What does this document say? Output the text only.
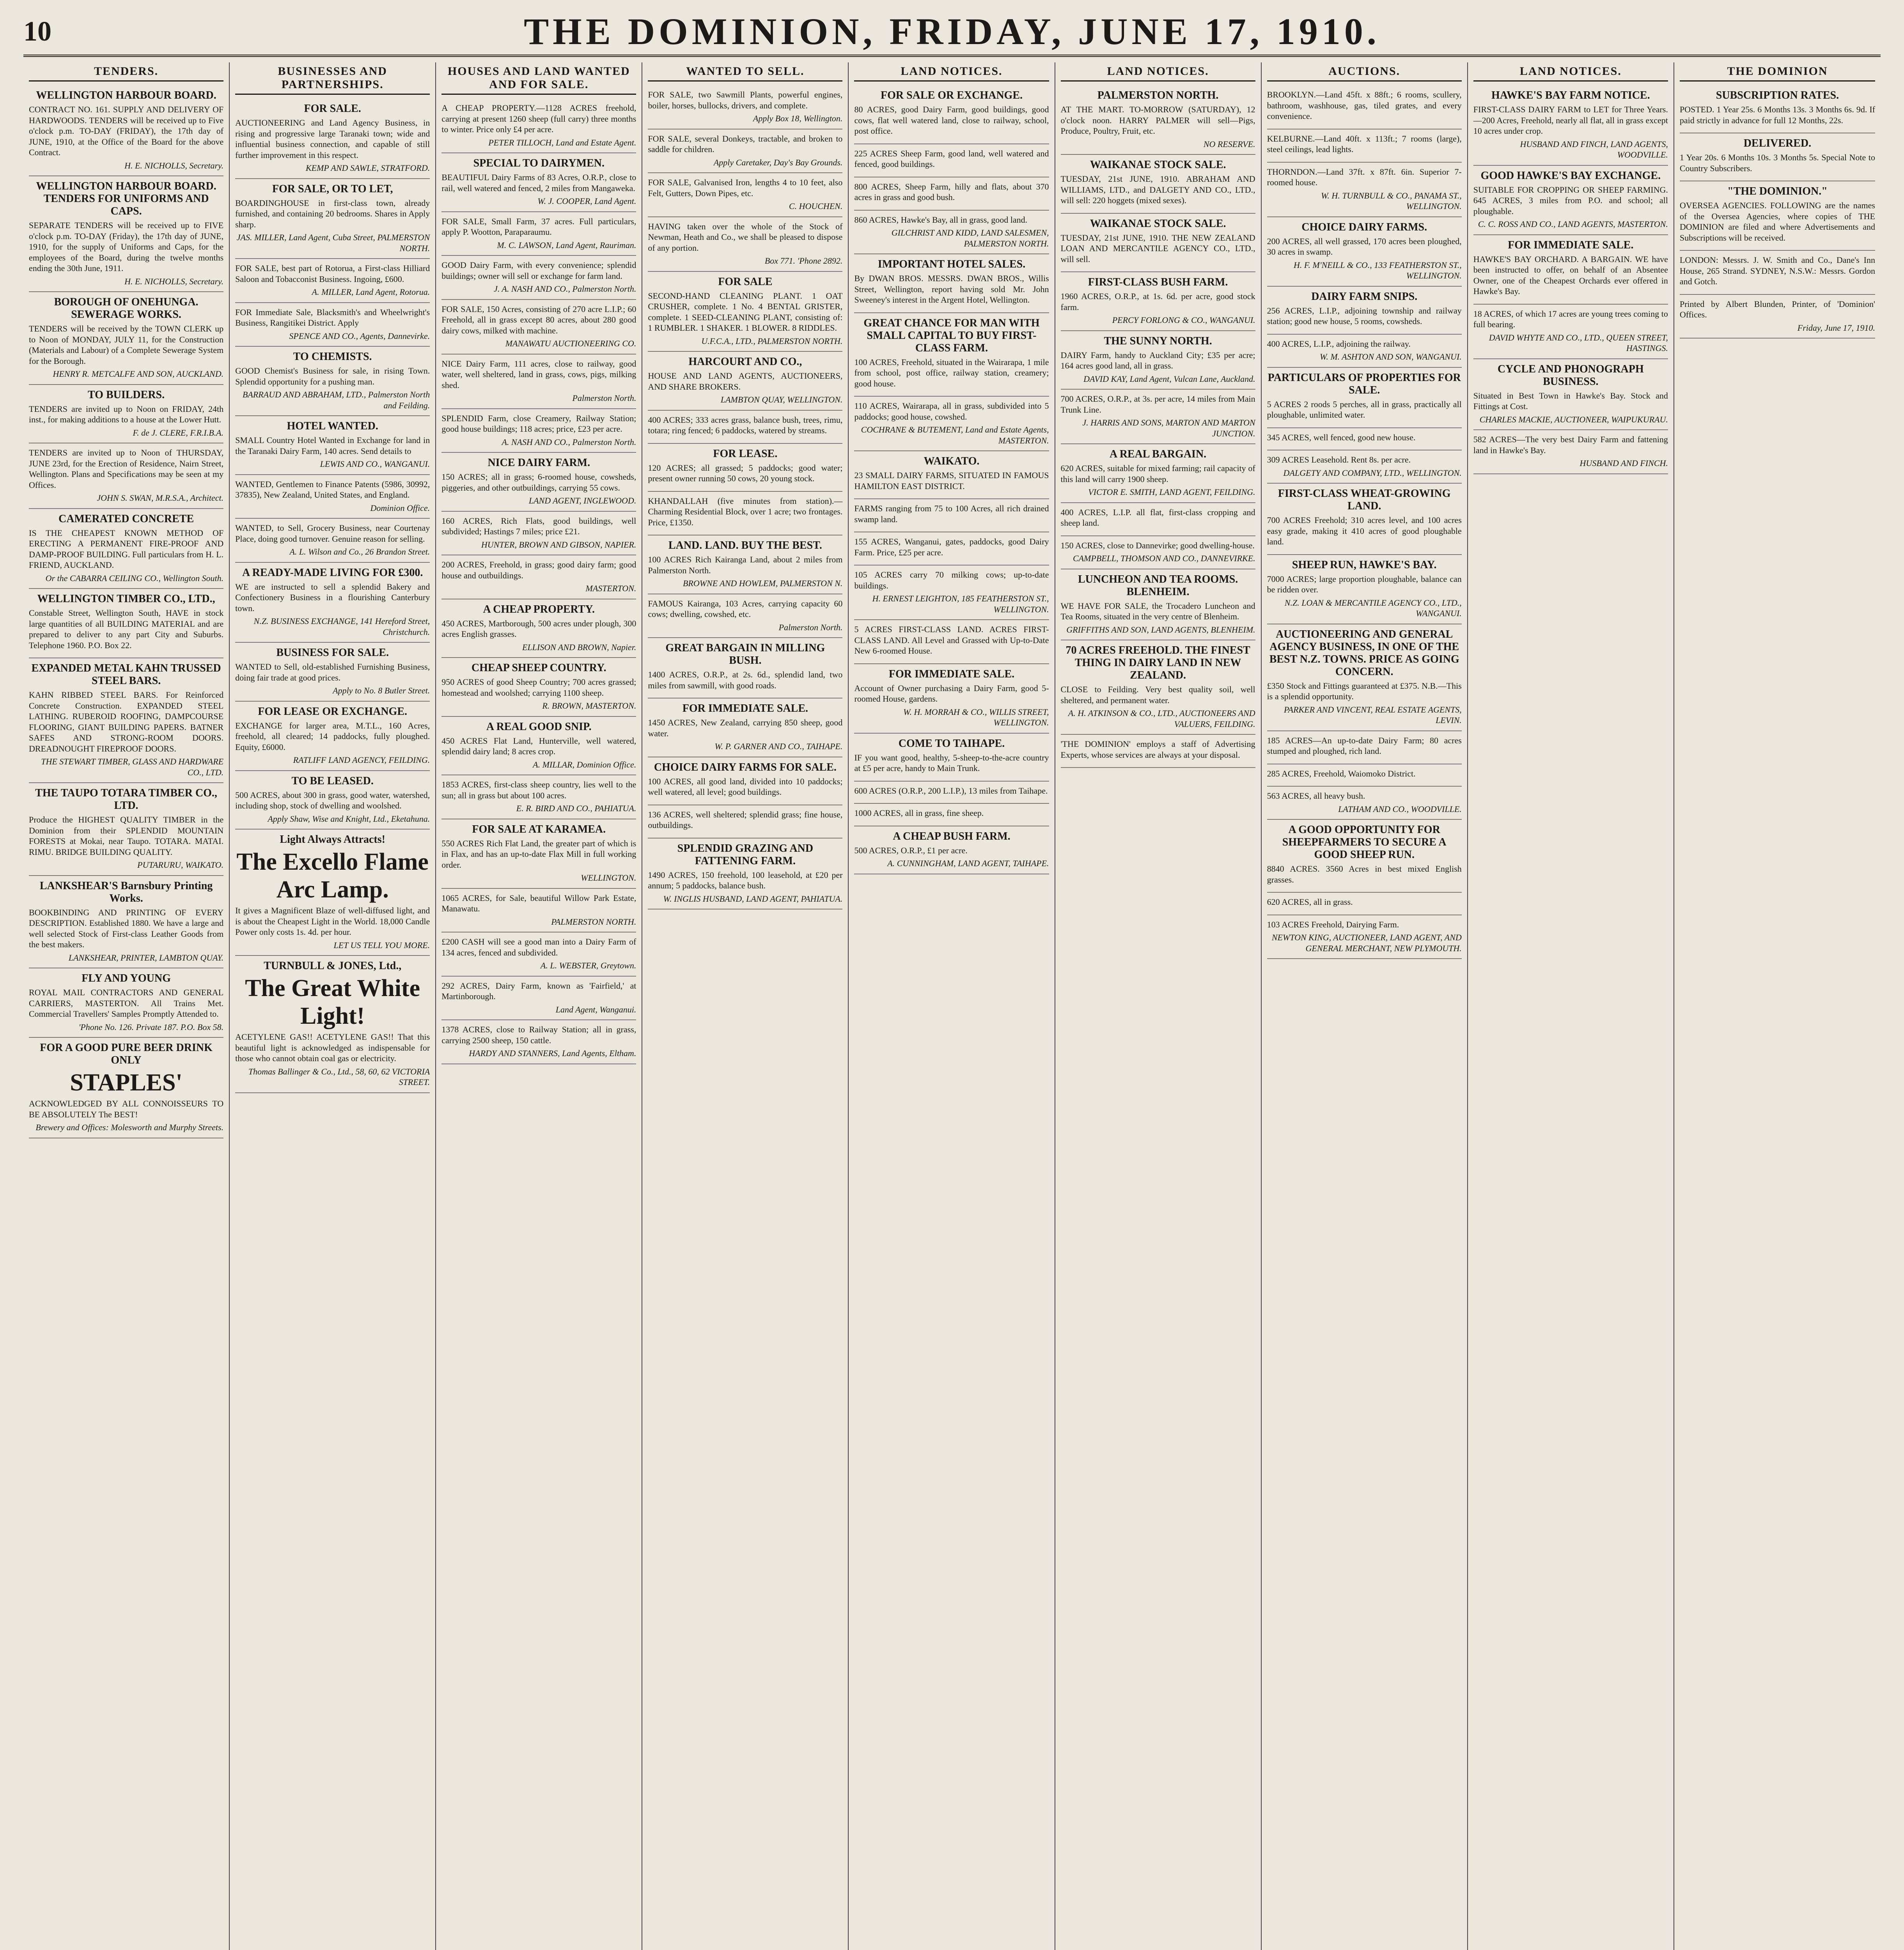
10	THE DOMINION, FRIDAY, JUNE 17, 1910.
TENDERS.
WELLINGTON HARBOUR BOARD.

CONTRACT NO. 161. SUPPLY AND DELIVERY OF HARDWOODS. TENDERS will be received up to Five o'clock p.m. TO-DAY (FRIDAY), the 17th day of JUNE, 1910, at the Office of the Board for the above Contract.

H. E. NICHOLLS, Secretary.

WELLINGTON HARBOUR BOARD. TENDERS FOR UNIFORMS AND CAPS.

SEPARATE TENDERS will be received up to FIVE o'clock p.m. TO-DAY (Friday), the 17th day of JUNE, 1910, for the supply of Uniforms and Caps, for the employees of the Board, during the twelve months ending the 30th June, 1911.

H. E. NICHOLLS, Secretary.

BOROUGH OF ONEHUNGA. SEWERAGE WORKS.

TENDERS will be received by the TOWN CLERK up to Noon of MONDAY, JULY 11, for the Construction (Materials and Labour) of a Complete Sewerage System for the Borough.

HENRY R. METCALFE AND SON, AUCKLAND.

TO BUILDERS.

TENDERS are invited up to Noon on FRIDAY, 24th inst., for making additions to a house at the Lower Hutt.

F. de J. CLERE, F.R.I.B.A.

TENDERS are invited up to Noon of THURSDAY, JUNE 23rd, for the Erection of Residence, Nairn Street, Wellington. Plans and Specifications may be seen at my Offices.

JOHN S. SWAN, M.R.S.A., Architect.

CAMERATED CONCRETE

IS THE CHEAPEST KNOWN METHOD OF ERECTING A PERMANENT FIRE-PROOF AND DAMP-PROOF BUILDING. Full particulars from H. L. FRIEND, AUCKLAND.

Or the CABARRA CEILING CO., Wellington South.

WELLINGTON TIMBER CO., LTD.,

Constable Street, Wellington South, HAVE in stock large quantities of all BUILDING MATERIAL and are prepared to deliver to any part City and Suburbs. Telephone 1960. P.O. Box 22.

EXPANDED METAL KAHN TRUSSED STEEL BARS.

KAHN RIBBED STEEL BARS. For Reinforced Concrete Construction. EXPANDED STEEL LATHING. RUBEROID ROOFING, DAMPCOURSE FLOORING, GIANT BUILDING PAPERS. BATNER SAFES AND STRONG-ROOM DOORS. DREADNOUGHT FIREPROOF DOORS.

THE STEWART TIMBER, GLASS AND HARDWARE CO., LTD.

THE TAUPO TOTARA TIMBER CO., LTD.

Produce the HIGHEST QUALITY TIMBER in the Dominion from their SPLENDID MOUNTAIN FORESTS at Mokai, near Taupo. TOTARA. MATAI. RIMU. BRIDGE BUILDING QUALITY.

PUTARURU, WAIKATO.

LANKSHEAR'S Barnsbury Printing Works.

BOOKBINDING AND PRINTING OF EVERY DESCRIPTION. Established 1880. We have a large and well selected Stock of First-class Leather Goods from the best makers.

LANKSHEAR, PRINTER, LAMBTON QUAY.

FLY AND YOUNG

ROYAL MAIL CONTRACTORS AND GENERAL CARRIERS, MASTERTON. All Trains Met. Commercial Travellers' Samples Promptly Attended to.

'Phone No. 126. Private 187. P.O. Box 58.

FOR A GOOD PURE BEER DRINK ONLY
STAPLES'

ACKNOWLEDGED BY ALL CONNOISSEURS TO BE ABSOLUTELY The BEST!

Brewery and Offices: Molesworth and Murphy Streets.

BUSINESSES AND PARTNERSHIPS.
FOR SALE.

AUCTIONEERING and Land Agency Business, in rising and progressive large Taranaki town; wide and influential business connection, and capable of still further improvement in this respect.

KEMP AND SAWLE, STRATFORD.

FOR SALE, OR TO LET,

BOARDINGHOUSE in first-class town, already furnished, and containing 20 bedrooms. Shares in Apply sharp.

JAS. MILLER, Land Agent, Cuba Street, PALMERSTON NORTH.

FOR SALE, best part of Rotorua, a First-class Hilliard Saloon and Tobacconist Business. Ingoing, £600.

A. MILLER, Land Agent, Rotorua.

FOR Immediate Sale, Blacksmith's and Wheelwright's Business, Rangitikei District. Apply

SPENCE AND CO., Agents, Dannevirke.

TO CHEMISTS.

GOOD Chemist's Business for sale, in rising Town. Splendid opportunity for a pushing man.

BARRAUD AND ABRAHAM, LTD., Palmerston North and Feilding.

HOTEL WANTED.

SMALL Country Hotel Wanted in Exchange for land in the Taranaki Dairy Farm, 140 acres. Send details to

LEWIS AND CO., WANGANUI.

WANTED, Gentlemen to Finance Patents (5986, 30992, 37835), New Zealand, United States, and England.

Dominion Office.

WANTED, to Sell, Grocery Business, near Courtenay Place, doing good turnover. Genuine reason for selling.

A. L. Wilson and Co., 26 Brandon Street.

A READY-MADE LIVING FOR £300.

WE are instructed to sell a splendid Bakery and Confectionery Business in a flourishing Canterbury town.

N.Z. BUSINESS EXCHANGE, 141 Hereford Street, Christchurch.

BUSINESS FOR SALE.

WANTED to Sell, old-established Furnishing Business, doing fair trade at good prices.

Apply to No. 8 Butler Street.

FOR LEASE OR EXCHANGE.

EXCHANGE for larger area, M.T.L., 160 Acres, freehold, all cleared; 14 paddocks, fully ploughed. Equity, £6000.

RATLIFF LAND AGENCY, FEILDING.

TO BE LEASED.

500 ACRES, about 300 in grass, good water, watershed, including shop, stock of dwelling and woolshed.

Apply Shaw, Wise and Knight, Ltd., Eketahuna.

Light Always Attracts!
The Excello Flame Arc Lamp.

It gives a Magnificent Blaze of well-diffused light, and is about the Cheapest Light in the World. 18,000 Candle Power only costs 1s. 4d. per hour.

LET US TELL YOU MORE.

TURNBULL & JONES, Ltd.,
The Great White Light!

ACETYLENE GAS!! ACETYLENE GAS!! That this beautiful light is acknowledged as indispensable for those who cannot obtain coal gas or electricity.

Thomas Ballinger & Co., Ltd., 58, 60, 62 VICTORIA STREET.

HOUSES AND LAND WANTED AND FOR SALE.

A CHEAP PROPERTY.—1128 ACRES freehold, carrying at present 1260 sheep (full carry) three months to winter. Price only £4 per acre.

PETER TILLOCH, Land and Estate Agent.

SPECIAL TO DAIRYMEN.

BEAUTIFUL Dairy Farms of 83 Acres, O.R.P., close to rail, well watered and fenced, 2 miles from Mangaweka.

W. J. COOPER, Land Agent.

FOR SALE, Small Farm, 37 acres. Full particulars, apply P. Wootton, Paraparaumu.

M. C. LAWSON, Land Agent, Rauriman.

GOOD Dairy Farm, with every convenience; splendid buildings; owner will sell or exchange for farm land.

J. A. NASH AND CO., Palmerston North.

FOR SALE, 150 Acres, consisting of 270 acre L.I.P.; 60 Freehold, all in grass except 80 acres, about 280 good dairy cows, milked with machine.

MANAWATU AUCTIONEERING CO.

NICE Dairy Farm, 111 acres, close to railway, good water, well sheltered, land in grass, cows, pigs, milking shed.

Palmerston North.

SPLENDID Farm, close Creamery, Railway Station; good house buildings; 118 acres; price, £23 per acre.

A. NASH AND CO., Palmerston North.

NICE DAIRY FARM.

150 ACRES; all in grass; 6-roomed house, cowsheds, piggeries, and other outbuildings, carrying 55 cows.

LAND AGENT, INGLEWOOD.

160 ACRES, Rich Flats, good buildings, well subdivided; Hastings 7 miles; price £21.

HUNTER, BROWN AND GIBSON, NAPIER.

200 ACRES, Freehold, in grass; good dairy farm; good house and outbuildings.

MASTERTON.

A CHEAP PROPERTY.

450 ACRES, Martborough, 500 acres under plough, 300 acres English grasses.

ELLISON AND BROWN, Napier.

CHEAP SHEEP COUNTRY.

950 ACRES of good Sheep Country; 700 acres grassed; homestead and woolshed; carrying 1100 sheep.

R. BROWN, MASTERTON.

A REAL GOOD SNIP.

450 ACRES Flat Land, Hunterville, well watered, splendid dairy land; 8 acres crop.

A. MILLAR, Dominion Office.

1853 ACRES, first-class sheep country, lies well to the sun; all in grass but about 100 acres.

E. R. BIRD AND CO., PAHIATUA.

FOR SALE AT KARAMEA.

550 ACRES Rich Flat Land, the greater part of which is in Flax, and has an up-to-date Flax Mill in full working order.

WELLINGTON.

1065 ACRES, for Sale, beautiful Willow Park Estate, Manawatu.

PALMERSTON NORTH.

£200 CASH will see a good man into a Dairy Farm of 134 acres, fenced and subdivided.

A. L. WEBSTER, Greytown.

292 ACRES, Dairy Farm, known as 'Fairfield,' at Martinborough.

Land Agent, Wanganui.

1378 ACRES, close to Railway Station; all in grass, carrying 2500 sheep, 150 cattle.

HARDY AND STANNERS, Land Agents, Eltham.

WANTED TO SELL.

FOR SALE, two Sawmill Plants, powerful engines, boiler, horses, bullocks, drivers, and complete.

Apply Box 18, Wellington.

FOR SALE, several Donkeys, tractable, and broken to saddle for children.

Apply Caretaker, Day's Bay Grounds.

FOR SALE, Galvanised Iron, lengths 4 to 10 feet, also Felt, Gutters, Down Pipes, etc.

C. HOUCHEN.

HAVING taken over the whole of the Stock of Newman, Heath and Co., we shall be pleased to dispose of any portion.

Box 771. 'Phone 2892.

FOR SALE

SECOND-HAND CLEANING PLANT. 1 OAT CRUSHER, complete. 1 No. 4 BENTAL GRISTER, complete. 1 SEED-CLEANING PLANT, consisting of: 1 RUMBLER. 1 SHAKER. 1 BLOWER. 8 RIDDLES.

U.F.C.A., LTD., PALMERSTON NORTH.

HARCOURT AND CO.,

HOUSE AND LAND AGENTS, AUCTIONEERS, AND SHARE BROKERS.

LAMBTON QUAY, WELLINGTON.

400 ACRES; 333 acres grass, balance bush, trees, rimu, totara; ring fenced; 6 paddocks, watered by streams.

FOR LEASE.

120 ACRES; all grassed; 5 paddocks; good water; present owner running 50 cows, 20 young stock.

KHANDALLAH (five minutes from station).—Charming Residential Block, over 1 acre; two frontages. Price, £1350.

LAND. LAND. BUY THE BEST.

100 ACRES Rich Kairanga Land, about 2 miles from Palmerston North.

BROWNE AND HOWLEM, PALMERSTON N.

FAMOUS Kairanga, 103 Acres, carrying capacity 60 cows; dwelling, cowshed, etc.

Palmerston North.

GREAT BARGAIN IN MILLING BUSH.

1400 ACRES, O.R.P., at 2s. 6d., splendid land, two miles from sawmill, with good roads.

FOR IMMEDIATE SALE.

1450 ACRES, New Zealand, carrying 850 sheep, good water.

W. P. GARNER AND CO., TAIHAPE.

CHOICE DAIRY FARMS FOR SALE.

100 ACRES, all good land, divided into 10 paddocks; well watered, all level; good buildings.

136 ACRES, well sheltered; splendid grass; fine house, outbuildings.

SPLENDID GRAZING AND FATTENING FARM.

1490 ACRES, 150 freehold, 100 leasehold, at £20 per annum; 5 paddocks, balance bush.

W. INGLIS HUSBAND, LAND AGENT, PAHIATUA.

LAND NOTICES.
FOR SALE OR EXCHANGE.

80 ACRES, good Dairy Farm, good buildings, good cows, flat well watered land, close to railway, school, post office.

225 ACRES Sheep Farm, good land, well watered and fenced, good buildings.

800 ACRES, Sheep Farm, hilly and flats, about 370 acres in grass and good bush.

860 ACRES, Hawke's Bay, all in grass, good land.

GILCHRIST AND KIDD, LAND SALESMEN, PALMERSTON NORTH.

IMPORTANT HOTEL SALES.

By DWAN BROS. MESSRS. DWAN BROS., Willis Street, Wellington, report having sold Mr. John Sweeney's interest in the Argent Hotel, Wellington.

GREAT CHANCE FOR MAN WITH SMALL CAPITAL TO BUY FIRST-CLASS FARM.

100 ACRES, Freehold, situated in the Wairarapa, 1 mile from school, post office, railway station, creamery; good house.

110 ACRES, Wairarapa, all in grass, subdivided into 5 paddocks; good house, cowshed.

COCHRANE & BUTEMENT, Land and Estate Agents, MASTERTON.

WAIKATO.

23 SMALL DAIRY FARMS, SITUATED IN FAMOUS HAMILTON EAST DISTRICT.

FARMS ranging from 75 to 100 Acres, all rich drained swamp land.

155 ACRES, Wanganui, gates, paddocks, good Dairy Farm. Price, £25 per acre.

105 ACRES carry 70 milking cows; up-to-date buildings.

H. ERNEST LEIGHTON, 185 FEATHERSTON ST., WELLINGTON.

5 ACRES FIRST-CLASS LAND. ACRES FIRST-CLASS LAND. All Level and Grassed with Up-to-Date New 6-roomed House.

FOR IMMEDIATE SALE.

Account of Owner purchasing a Dairy Farm, good 5-roomed House, gardens.

W. H. MORRAH & CO., WILLIS STREET, WELLINGTON.

COME TO TAIHAPE.

IF you want good, healthy, 5-sheep-to-the-acre country at £5 per acre, handy to Main Trunk.

600 ACRES (O.R.P., 200 L.I.P.), 13 miles from Taihape.

1000 ACRES, all in grass, fine sheep.

A CHEAP BUSH FARM.

500 ACRES, O.R.P., £1 per acre.

A. CUNNINGHAM, LAND AGENT, TAIHAPE.

LAND NOTICES.
PALMERSTON NORTH.

AT THE MART. TO-MORROW (SATURDAY), 12 o'clock noon. HARRY PALMER will sell—Pigs, Produce, Poultry, Fruit, etc.

NO RESERVE.

WAIKANAE STOCK SALE.

TUESDAY, 21st JUNE, 1910. ABRAHAM AND WILLIAMS, LTD., and DALGETY AND CO., LTD., will sell: 220 hoggets (mixed sexes).

WAIKANAE STOCK SALE.

TUESDAY, 21st JUNE, 1910. THE NEW ZEALAND LOAN AND MERCANTILE AGENCY CO., LTD., will sell.

FIRST-CLASS BUSH FARM.

1960 ACRES, O.R.P., at 1s. 6d. per acre, good stock farm.

PERCY FORLONG & CO., WANGANUI.

THE SUNNY NORTH.

DAIRY Farm, handy to Auckland City; £35 per acre; 164 acres good land, all in grass.

DAVID KAY, Land Agent, Vulcan Lane, Auckland.

700 ACRES, O.R.P., at 3s. per acre, 14 miles from Main Trunk Line.

J. HARRIS AND SONS, MARTON AND MARTON JUNCTION.

A REAL BARGAIN.

620 ACRES, suitable for mixed farming; rail capacity of this land will carry 1900 sheep.

VICTOR E. SMITH, LAND AGENT, FEILDING.

400 ACRES, L.I.P. all flat, first-class cropping and sheep land.

150 ACRES, close to Dannevirke; good dwelling-house.

CAMPBELL, THOMSON AND CO., DANNEVIRKE.

LUNCHEON AND TEA ROOMS. BLENHEIM.

WE HAVE FOR SALE, the Trocadero Luncheon and Tea Rooms, situated in the very centre of Blenheim.

GRIFFITHS AND SON, LAND AGENTS, BLENHEIM.

70 ACRES FREEHOLD. THE FINEST THING IN DAIRY LAND IN NEW ZEALAND.

CLOSE to Feilding. Very best quality soil, well sheltered, and permanent water.

A. H. ATKINSON & CO., LTD., AUCTIONEERS AND VALUERS, FEILDING.

'THE DOMINION' employs a staff of Advertising Experts, whose services are always at your disposal.

AUCTIONS.

BROOKLYN.—Land 45ft. x 88ft.; 6 rooms, scullery, bathroom, washhouse, gas, tiled grates, and every convenience.

KELBURNE.—Land 40ft. x 113ft.; 7 rooms (large), steel ceilings, lead lights.

THORNDON.—Land 37ft. x 87ft. 6in. Superior 7-roomed house.

W. H. TURNBULL & CO., PANAMA ST., WELLINGTON.

CHOICE DAIRY FARMS.

200 ACRES, all well grassed, 170 acres been ploughed, 30 acres in swamp.

H. F. M'NEILL & CO., 133 FEATHERSTON ST., WELLINGTON.

DAIRY FARM SNIPS.

256 ACRES, L.I.P., adjoining township and railway station; good new house, 5 rooms, cowsheds.

400 ACRES, L.I.P., adjoining the railway.

W. M. ASHTON AND SON, WANGANUI.

PARTICULARS OF PROPERTIES FOR SALE.

5 ACRES 2 roods 5 perches, all in grass, practically all ploughable, unlimited water.

345 ACRES, well fenced, good new house.

309 ACRES Leasehold. Rent 8s. per acre.

DALGETY AND COMPANY, LTD., WELLINGTON.

FIRST-CLASS WHEAT-GROWING LAND.

700 ACRES Freehold; 310 acres level, and 100 acres easy grade, making it 410 acres of good ploughable land.

SHEEP RUN, HAWKE'S BAY.

7000 ACRES; large proportion ploughable, balance can be ridden over.

N.Z. LOAN & MERCANTILE AGENCY CO., LTD., WANGANUI.

AUCTIONEERING AND GENERAL AGENCY BUSINESS, IN ONE OF THE BEST N.Z. TOWNS. PRICE AS GOING CONCERN.

£350 Stock and Fittings guaranteed at £375. N.B.—This is a splendid opportunity.

PARKER AND VINCENT, REAL ESTATE AGENTS, LEVIN.

185 ACRES—An up-to-date Dairy Farm; 80 acres stumped and ploughed, rich land.

285 ACRES, Freehold, Waiomoko District.

563 ACRES, all heavy bush.

LATHAM AND CO., WOODVILLE.

A GOOD OPPORTUNITY FOR SHEEPFARMERS TO SECURE A GOOD SHEEP RUN.

8840 ACRES. 3560 Acres in best mixed English grasses.

620 ACRES, all in grass.

103 ACRES Freehold, Dairying Farm.

NEWTON KING, AUCTIONEER, LAND AGENT, AND GENERAL MERCHANT, NEW PLYMOUTH.

LAND NOTICES.
HAWKE'S BAY FARM NOTICE.

FIRST-CLASS DAIRY FARM to LET for Three Years.—200 Acres, Freehold, nearly all flat, all in grass except 10 acres under crop.

HUSBAND AND FINCH, LAND AGENTS, WOODVILLE.

GOOD HAWKE'S BAY EXCHANGE.

SUITABLE FOR CROPPING OR SHEEP FARMING. 645 ACRES, 3 miles from P.O. and school; all ploughable.

C. C. ROSS AND CO., LAND AGENTS, MASTERTON.

FOR IMMEDIATE SALE.

HAWKE'S BAY ORCHARD. A BARGAIN. WE have been instructed to offer, on behalf of an Absentee Owner, one of the Cheapest Orchards ever offered in Hawke's Bay.

18 ACRES, of which 17 acres are young trees coming to full bearing.

DAVID WHYTE AND CO., LTD., QUEEN STREET, HASTINGS.

CYCLE AND PHONOGRAPH BUSINESS.

Situated in Best Town in Hawke's Bay. Stock and Fittings at Cost.

CHARLES MACKIE, AUCTIONEER, WAIPUKURAU.

582 ACRES—The very best Dairy Farm and fattening land in Hawke's Bay.

HUSBAND AND FINCH.

THE DOMINION
SUBSCRIPTION RATES.

POSTED. 1 Year 25s. 6 Months 13s. 3 Months 6s. 9d. If paid strictly in advance for full 12 Months, 22s.

DELIVERED.

1 Year 20s. 6 Months 10s. 3 Months 5s. Special Note to Country Subscribers.

"THE DOMINION."

OVERSEA AGENCIES. FOLLOWING are the names of the Oversea Agencies, where copies of THE DOMINION are filed and where Advertisements and Subscriptions will be received.

LONDON: Messrs. J. W. Smith and Co., Dane's Inn House, 265 Strand. SYDNEY, N.S.W.: Messrs. Gordon and Gotch.

Printed by Albert Blunden, Printer, of 'Dominion' Offices.

Friday, June 17, 1910.
